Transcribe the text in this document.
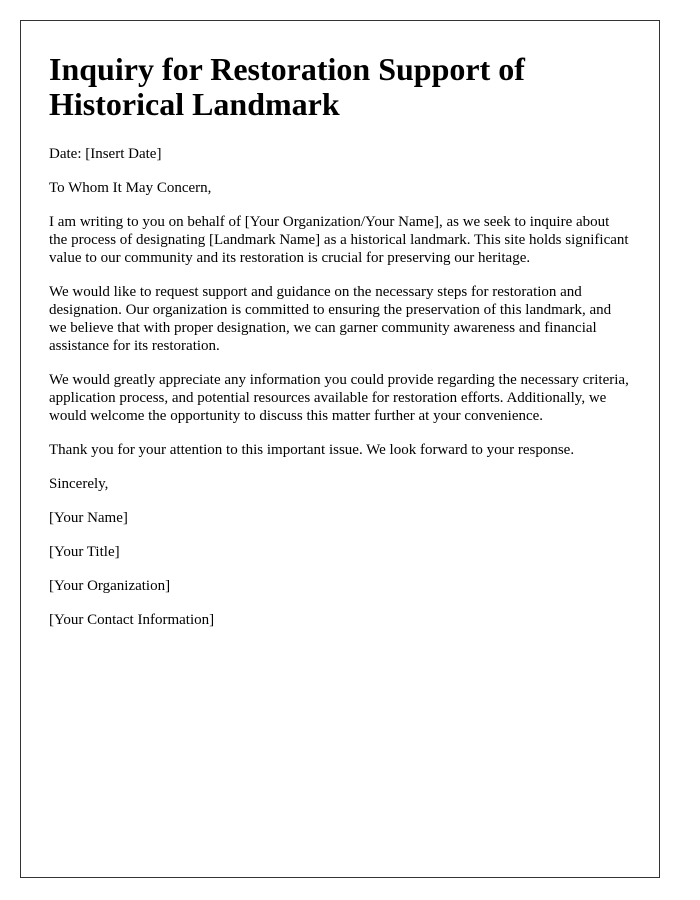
Inquiry for Restoration Support of Historical Landmark

Date: [Insert Date]

To Whom It May Concern,

I am writing to you on behalf of [Your Organization/Your Name], as we seek to inquire about the process of designating [Landmark Name] as a historical landmark. This site holds significant value to our community and its restoration is crucial for preserving our heritage.

We would like to request support and guidance on the necessary steps for restoration and designation. Our organization is committed to ensuring the preservation of this landmark, and we believe that with proper designation, we can garner community awareness and financial assistance for its restoration.

We would greatly appreciate any information you could provide regarding the necessary criteria, application process, and potential resources available for restoration efforts. Additionally, we would welcome the opportunity to discuss this matter further at your convenience.

Thank you for your attention to this important issue. We look forward to your response.

Sincerely,

[Your Name]

[Your Title]

[Your Organization]

[Your Contact Information]
